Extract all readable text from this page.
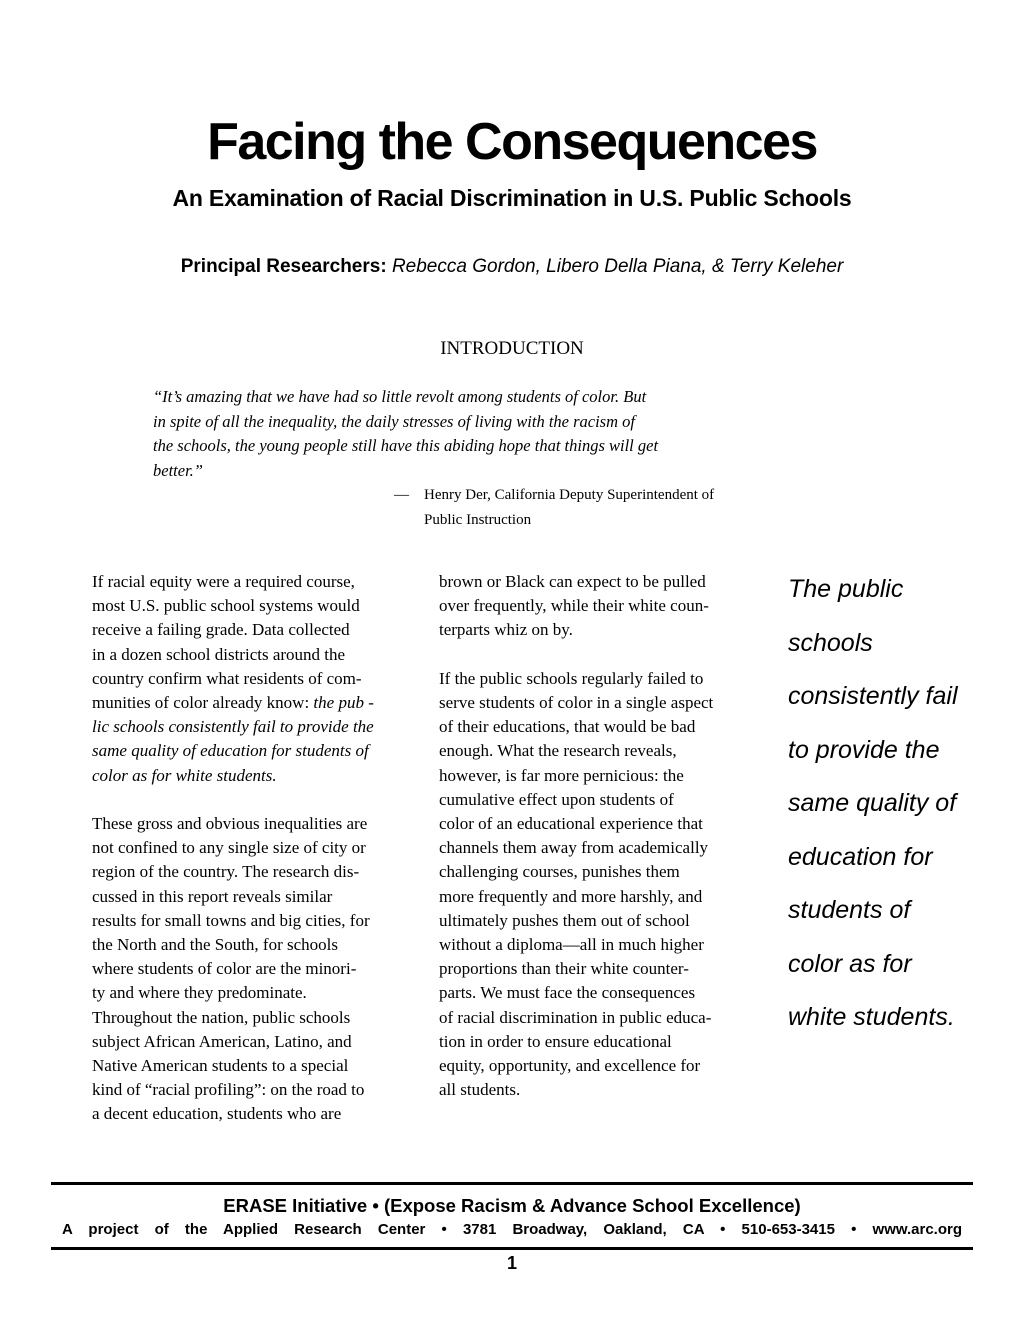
Facing the Consequences
An Examination of Racial Discrimination in U.S. Public Schools
Principal Researchers: Rebecca Gordon, Libero Della Piana, & Terry Keleher
INTRODUCTION
“It’s amazing that we have had so little revolt among students of color. But
in spite of all the inequality, the daily stresses of living with the racism of
the schools, the young people still have this abiding hope that things will get
better.”
— Henry Der, California Deputy Superintendent of
Public Instruction

If racial equity were a required course,
most U.S. public school systems would
receive a failing grade. Data collected
in a dozen school districts around the
country confirm what residents of com-
munities of color already know: the pub -
lic schools consistently fail to provide the
same quality of education for students of
color as for white students.

These gross and obvious inequalities are
not confined to any single size of city or
region of the country. The research dis-
cussed in this report reveals similar
results for small towns and big cities, for
the North and the South, for schools
where students of color are the minori-
ty and where they predominate.
Throughout the nation, public schools
subject African American, Latino, and
Native American students to a special
kind of “racial profiling”: on the road to
a decent education, students who are

brown or Black can expect to be pulled
over frequently, while their white coun-
terparts whiz on by.

If the public schools regularly failed to
serve students of color in a single aspect
of their educations, that would be bad
enough. What the research reveals,
however, is far more pernicious: the
cumulative effect upon students of
color of an educational experience that
channels them away from academically
challenging courses, punishes them
more frequently and more harshly, and
ultimately pushes them out of school
without a diploma—all in much higher
proportions than their white counter-
parts. We must face the consequences
of racial discrimination in public educa-
tion in order to ensure educational
equity, opportunity, and excellence for
all students.

The public
schools
consistently fail
to provide the
same quality of
education for
students of
color as for
white students.
ERASE Initiative • (Expose Racism & Advance School Excellence)
A project of the Applied Research Center • 3781 Broadway, Oakland, CA • 510-653-3415 • www.arc.org
1
